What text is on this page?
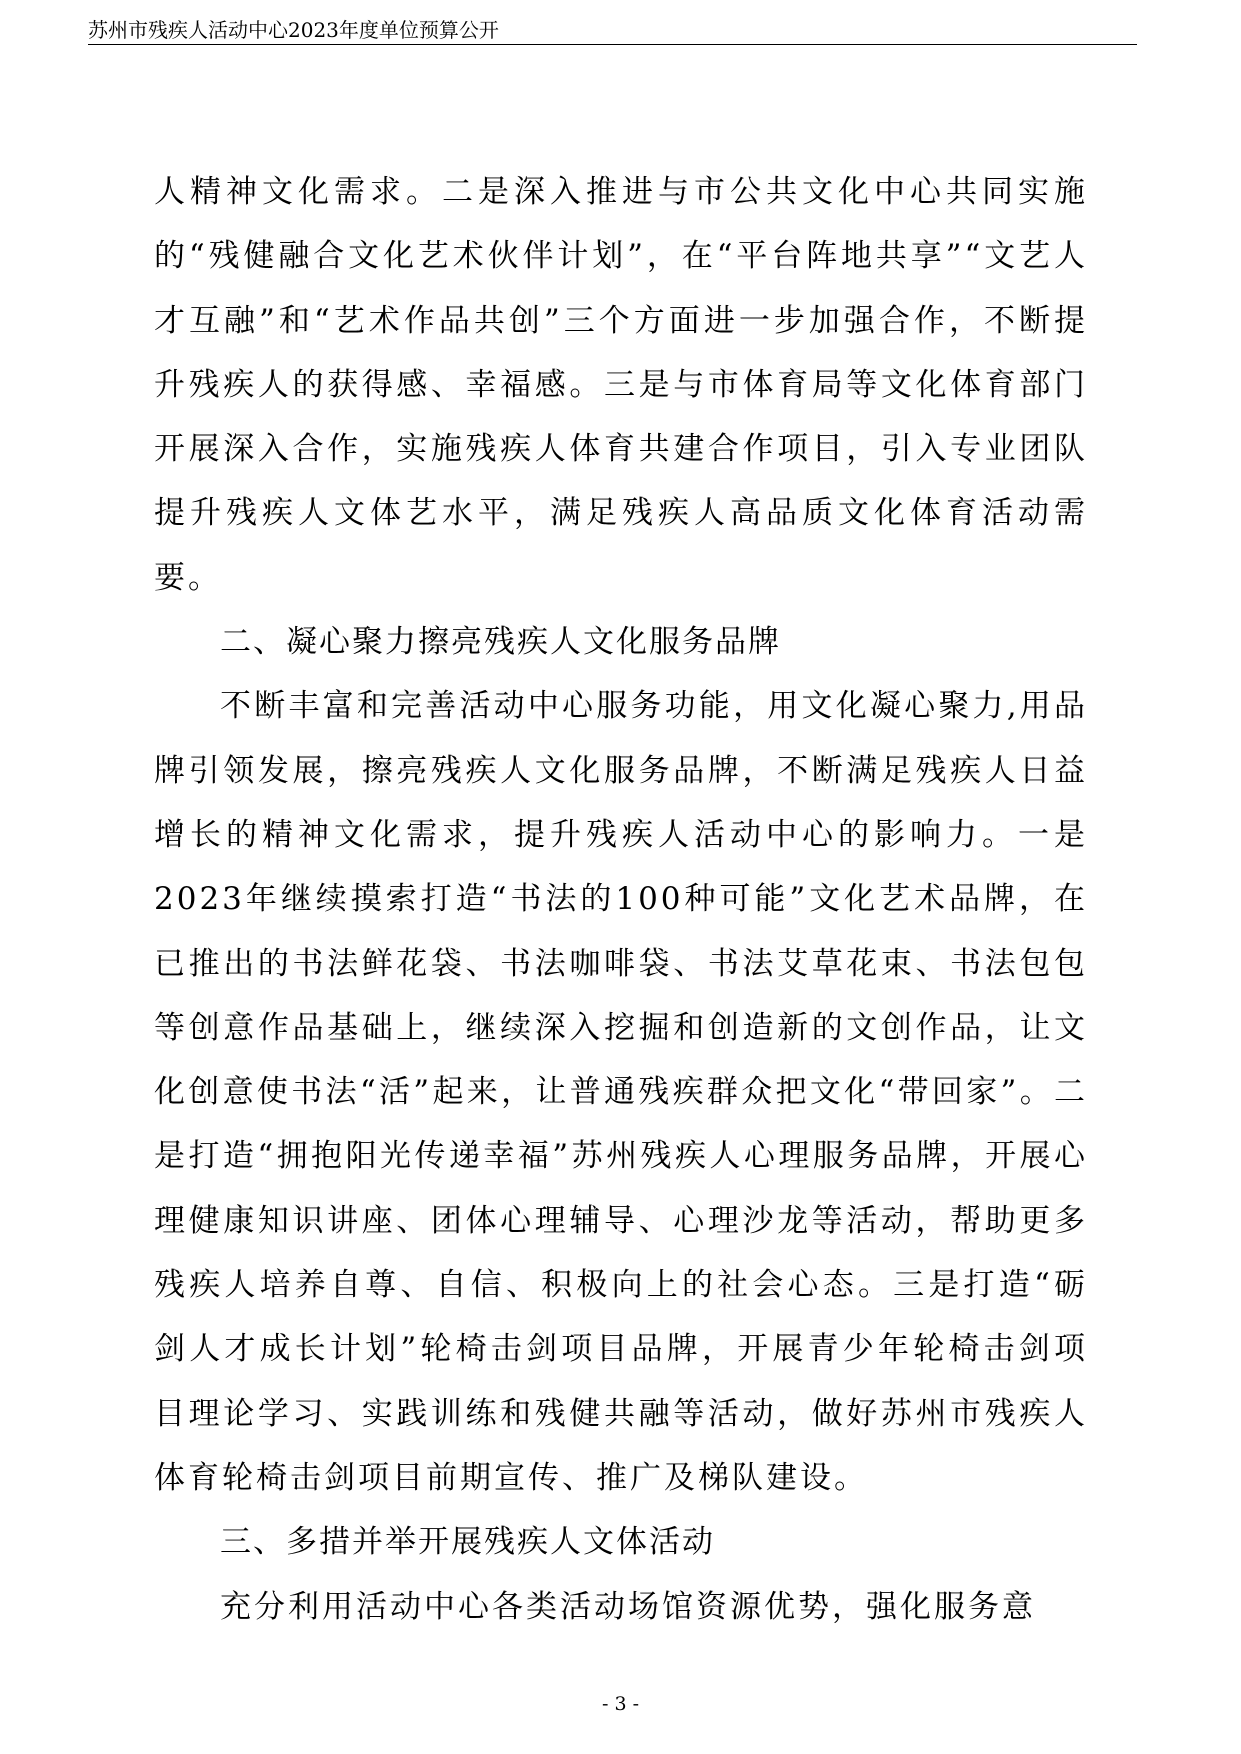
苏州市残疾人活动中心2023年度单位预算公开

人精神文化需求。二是深入推进与市公共文化中心共同实施的“残健融合文化艺术伙伴计划”，在“平台阵地共享”“文艺人才互融”和“艺术作品共创”三个方面进一步加强合作，不断提升残疾人的获得感、幸福感。三是与市体育局等文化体育部门开展深入合作，实施残疾人体育共建合作项目，引入专业团队提升残疾人文体艺水平，满足残疾人高品质文化体育活动需要。

二、凝心聚力擦亮残疾人文化服务品牌

不断丰富和完善活动中心服务功能，用文化凝心聚力,用品牌引领发展，擦亮残疾人文化服务品牌，不断满足残疾人日益增长的精神文化需求，提升残疾人活动中心的影响力。一是2023年继续摸索打造“书法的100种可能”文化艺术品牌，在已推出的书法鲜花袋、书法咖啡袋、书法艾草花束、书法包包等创意作品基础上，继续深入挖掘和创造新的文创作品，让文化创意使书法“活”起来，让普通残疾群众把文化“带回家”。二是打造“拥抱阳光传递幸福”苏州残疾人心理服务品牌，开展心理健康知识讲座、团体心理辅导、心理沙龙等活动，帮助更多残疾人培养自尊、自信、积极向上的社会心态。三是打造“砺剑人才成长计划”轮椅击剑项目品牌，开展青少年轮椅击剑项目理论学习、实践训练和残健共融等活动，做好苏州市残疾人体育轮椅击剑项目前期宣传、推广及梯队建设。

三、多措并举开展残疾人文体活动

充分利用活动中心各类活动场馆资源优势，强化服务意

- 3 -
